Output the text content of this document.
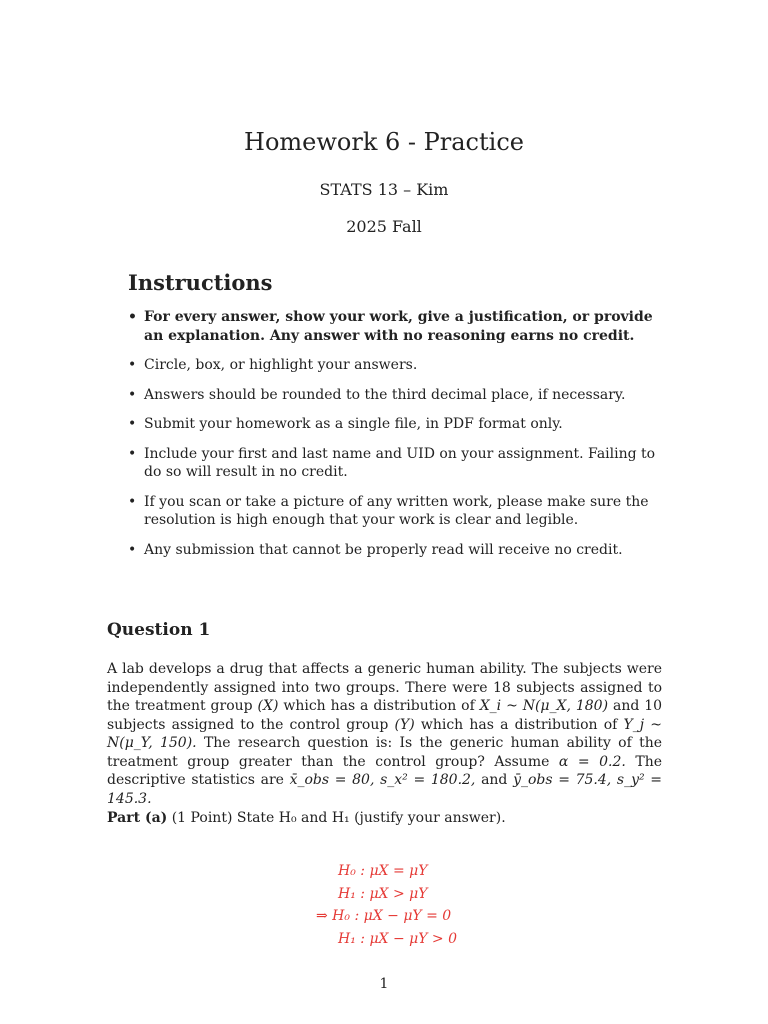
Homework 6 - Practice
STATS 13 – Kim
2025 Fall
Instructions
• For every answer, show your work, give a justification, or provide an explanation. Any answer with no reasoning earns no credit.
• Circle, box, or highlight your answers.
• Answers should be rounded to the third decimal place, if necessary.
• Submit your homework as a single file, in PDF format only.
• Include your first and last name and UID on your assignment. Failing to do so will result in no credit.
• If you scan or take a picture of any written work, please make sure the resolution is high enough that your work is clear and legible.
• Any submission that cannot be properly read will receive no credit.
Question 1
A lab develops a drug that affects a generic human ability. The subjects were independently assigned into two groups. There were 18 subjects assigned to the treatment group (X) which has a distribution of X_i ~ N(μ_X, 180) and 10 subjects assigned to the control group (Y) which has a distribution of Y_j ~ N(μ_Y, 150). The research question is: Is the generic human ability of the treatment group greater than the control group? Assume α = 0.2. The descriptive statistics are x̄_obs = 80, s_x² = 180.2, and ȳ_obs = 75.4, s_y² = 145.3.
Part (a) (1 Point) State H₀ and H₁ (justify your answer).
H₀ : μX = μY
H₁ : μX > μY
⇒ H₀ : μX − μY = 0
H₁ : μX − μY > 0
1
